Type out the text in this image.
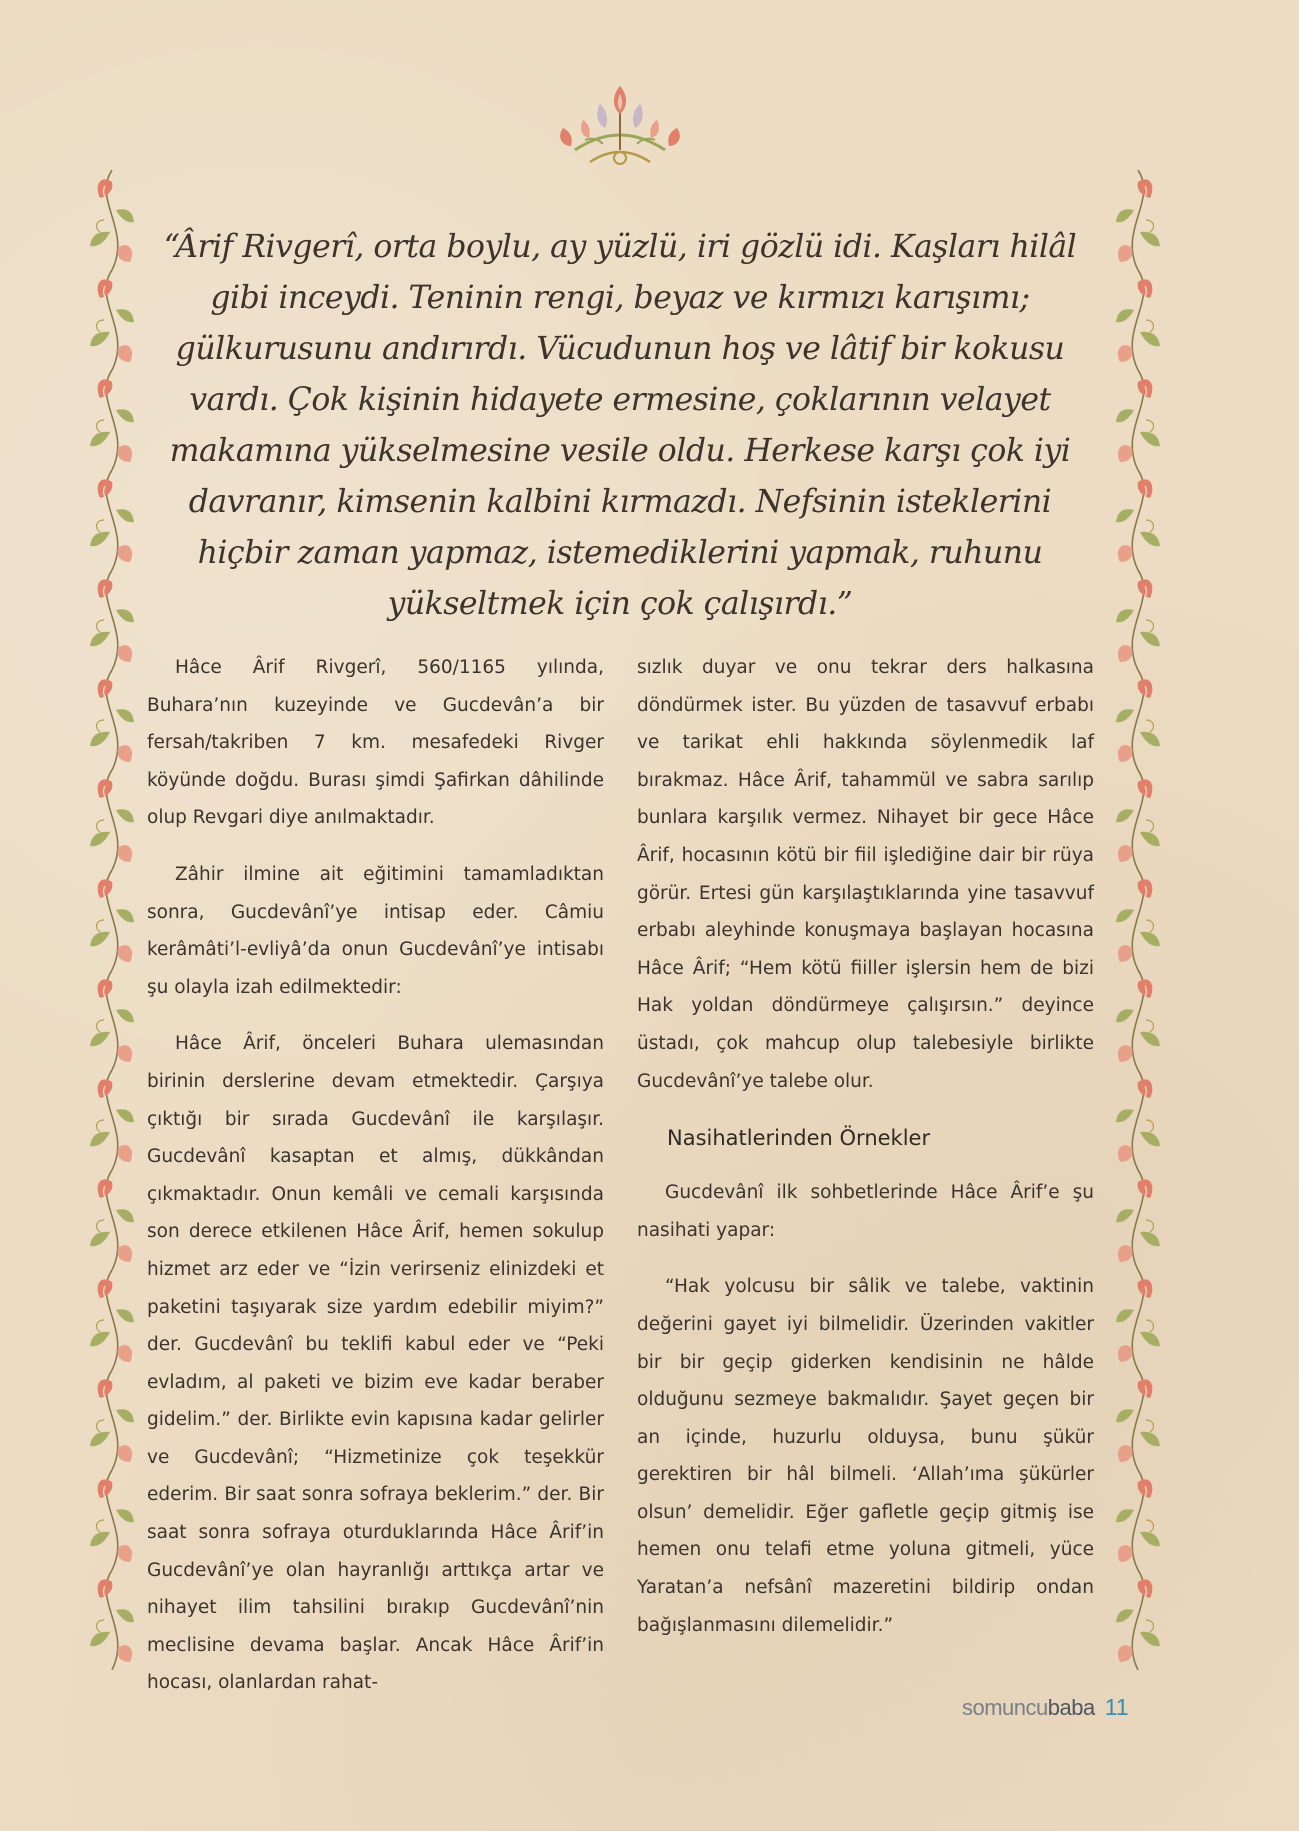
“Ârif Rivgerî, orta boylu, ay yüzlü, iri gözlü idi. Kaşları hilâl gibi inceydi. Teninin rengi, beyaz ve kırmızı karışımı; gülkurusunu andırırdı. Vücudunun hoş ve lâtif bir kokusu vardı. Çok kişinin hidayete ermesine, çoklarının velayet makamına yükselmesine vesile oldu. Herkese karşı çok iyi davranır, kimsenin kalbini kırmazdı. Nefsinin isteklerini hiçbir zaman yapmaz, istemediklerini yapmak, ruhunu yükseltmek için çok çalışırdı.”

Hâce Ârif Rivgerî, 560/1165 yılında, Buhara’nın kuzeyinde ve Gucdevân’a bir fersah/takriben 7 km. mesafedeki Rivger köyünde doğdu. Burası şimdi Şafirkan dâhilinde olup Revgari diye anılmaktadır.

Zâhir ilmine ait eğitimini tamamladıktan sonra, Gucdevânî’ye intisap eder. Câmiu kerâmâti’l-evliyâ’da onun Gucdevânî’ye intisabı şu olayla izah edilmektedir:

Hâce Ârif, önceleri Buhara ulemasından birinin derslerine devam etmektedir. Çarşıya çıktığı bir sırada Gucdevânî ile karşılaşır. Gucdevânî kasaptan et almış, dükkândan çıkmaktadır. Onun kemâli ve cemali karşısında son derece etkilenen Hâce Ârif, hemen sokulup hizmet arz eder ve “İzin verirseniz elinizdeki et paketini taşıyarak size yardım edebilir miyim?” der. Gucdevânî bu teklifi kabul eder ve “Peki evladım, al paketi ve bizim eve kadar beraber gidelim.” der. Birlikte evin kapısına kadar gelirler ve Gucdevânî; “Hizmetinize çok teşekkür ederim. Bir saat sonra sofraya beklerim.” der. Bir saat sonra sofraya oturduklarında Hâce Ârif’in Gucdevânî’ye olan hayranlığı arttıkça artar ve nihayet ilim tahsilini bırakıp Gucdevânî’nin meclisine devama başlar. Ancak Hâce Ârif’in hocası, olanlardan rahat-

sızlık duyar ve onu tekrar ders halkasına döndürmek ister. Bu yüzden de tasavvuf erbabı ve tarikat ehli hakkında söylenmedik laf bırakmaz. Hâce Ârif, tahammül ve sabra sarılıp bunlara karşılık vermez. Nihayet bir gece Hâce Ârif, hocasının kötü bir fiil işlediğine dair bir rüya görür. Ertesi gün karşılaştıklarında yine tasavvuf erbabı aleyhinde konuşmaya başlayan hocasına Hâce Ârif; “Hem kötü fiiller işlersin hem de bizi Hak yoldan döndürmeye çalışırsın.” deyince üstadı, çok mahcup olup talebesiyle birlikte Gucdevânî’ye talebe olur.

Nasihatlerinden Örnekler

Gucdevânî ilk sohbetlerinde Hâce Ârif’e şu nasihati yapar:

“Hak yolcusu bir sâlik ve talebe, vaktinin değerini gayet iyi bilmelidir. Üzerinden vakitler bir bir geçip giderken kendisinin ne hâlde olduğunu sezmeye bakmalıdır. Şayet geçen bir an içinde, huzurlu olduysa, bunu şükür gerektiren bir hâl bilmeli. ‘Allah’ıma şükürler olsun’ demelidir. Eğer gafletle geçip gitmiş ise hemen onu telafi etme yoluna gitmeli, yüce Yaratan’a nefsânî mazeretini bildirip ondan bağışlanmasını dilemelidir.”

somuncubaba 11
